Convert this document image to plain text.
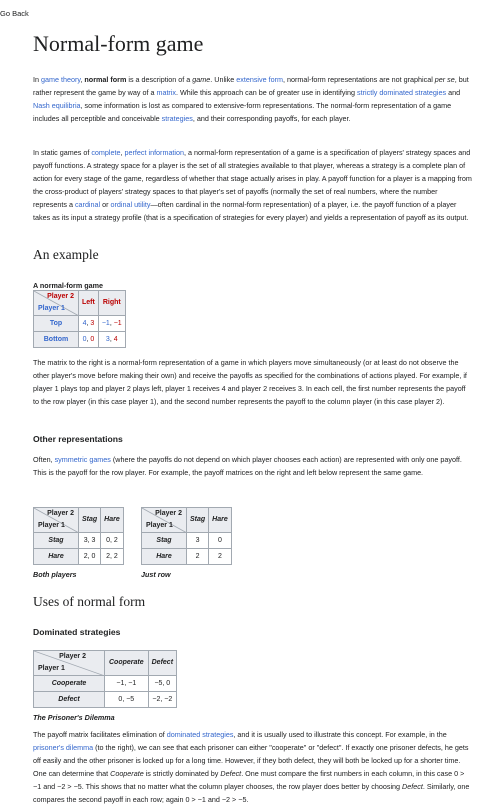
Go Back
Normal-form game

In game theory, normal form is a description of a game. Unlike extensive form, normal-form representations are not graphical per se, but rather represent the game by way of a matrix. While this approach can be of greater use in identifying strictly dominated strategies and Nash equilibria, some information is lost as compared to extensive-form representations. The normal-form representation of a game includes all perceptible and conceivable strategies, and their corresponding payoffs, for each player.

In static games of complete, perfect information, a normal-form representation of a game is a specification of players' strategy spaces and payoff functions. A strategy space for a player is the set of all strategies available to that player, whereas a strategy is a complete plan of action for every stage of the game, regardless of whether that stage actually arises in play. A payoff function for a player is a mapping from the cross-product of players' strategy spaces to that player's set of payoffs (normally the set of real numbers, where the number represents a cardinal or ordinal utility—often cardinal in the normal-form representation) of a player, i.e. the payoff function of a player takes as its input a strategy profile (that is a specification of strategies for every player) and yields a representation of payoff as its output.

An example
A normal-form game
Player 2
Player 1	Left	Right
Top	4, 3	−1, −1
Bottom	0, 0	3, 4

The matrix to the right is a normal-form representation of a game in which players move simultaneously (or at least do not observe the other player's move before making their own) and receive the payoffs as specified for the combinations of actions played. For example, if player 1 plays top and player 2 plays left, player 1 receives 4 and player 2 receives 3. In each cell, the first number represents the payoff to the row player (in this case player 1), and the second number represents the payoff to the column player (in this case player 2).

Other representations

Often, symmetric games (where the payoffs do not depend on which player chooses each action) are represented with only one payoff. This is the payoff for the row player. For example, the payoff matrices on the right and left below represent the same game.

Player 2
Player 1	Stag	Hare
Stag	3, 3	0, 2
Hare	2, 0	2, 2
Both players
Player 2
Player 1	Stag	Hare
Stag	3	0
Hare	2	2
Just row
Uses of normal form
Dominated strategies
Player 2
Player 1	Cooperate	Defect
Cooperate	−1, −1	−5, 0
Defect	0, −5	−2, −2
The Prisoner's Dilemma

The payoff matrix facilitates elimination of dominated strategies, and it is usually used to illustrate this concept. For example, in the prisoner's dilemma (to the right), we can see that each prisoner can either "cooperate" or "defect". If exactly one prisoner defects, he gets off easily and the other prisoner is locked up for a long time. However, if they both defect, they will both be locked up for a shorter time. One can determine that Cooperate is strictly dominated by Defect. One must compare the first numbers in each column, in this case 0 > −1 and −2 > −5. This shows that no matter what the column player chooses, the row player does better by choosing Defect. Similarly, one compares the second payoff in each row; again 0 > −1 and −2 > −5.
